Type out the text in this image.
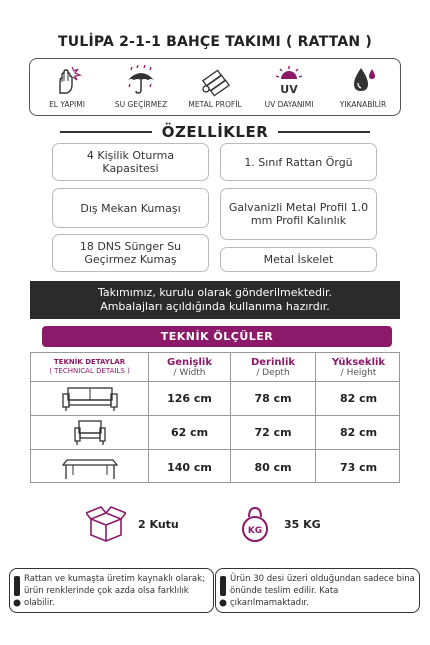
TULİPA 2-1-1 BAHÇE TAKIMI ( RATTAN )
EL YAPIMI	SU GEÇİRMEZ	METAL PROFİL
UV
UV DAYANIMI	YIKANABİLİR
ÖZELLİKLER
4 Kişilik Oturma Kapasitesi	1. Sınıf Rattan Örgü
Dış Mekan Kumaşı	Galvanizli Metal Profil 1.0 mm Profil Kalınlık
18 DNS Sünger Su Geçirmez Kumaş	Metal İskelet
Takımımız, kurulu olarak gönderilmektedir.
Ambalajları açıldığında kullanıma hazırdır.
TEKNİK ÖLÇÜLER
TEKNİK DETAYLAR
( TECHNICAL DETAILS )
Genişlik
/ Width
Derinlik
/ Depth
Yükseklik
/ Height
126 cm	78 cm	82 cm
62 cm	72 cm	82 cm
140 cm	80 cm	73 cm
2 Kutu
KG
35 KG
Rattan ve kumaşta üretim kaynaklı olarak; ürün renklerinde çok azda olsa farklılık olabilir.
Ürün 30 desi üzeri olduğundan sadece bina önünde teslim edilir. Kata çıkarılmamaktadır.
